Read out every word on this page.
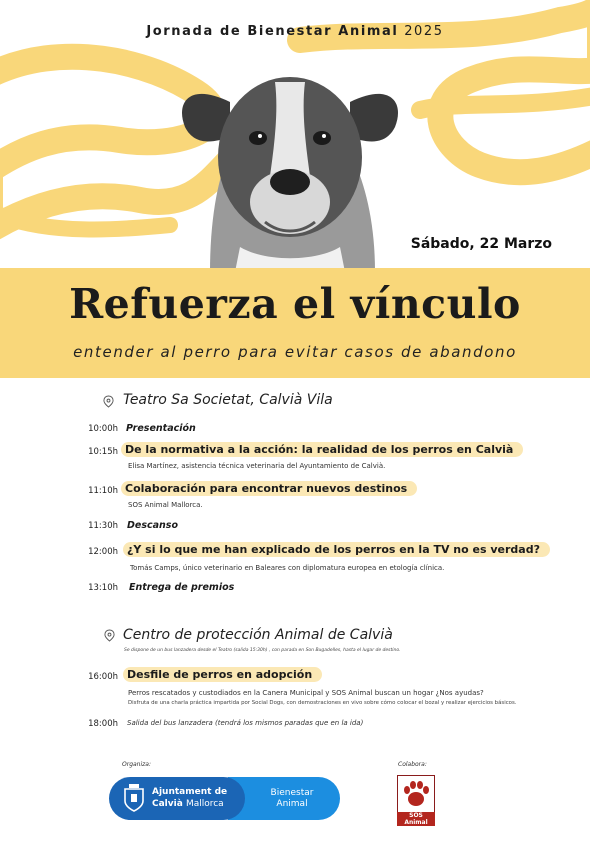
Jornada de Bienestar Animal 2025
Sábado, 22 Marzo
Refuerza el vínculo
entender al perro para evitar casos de abandono
Teatro Sa Societat, Calvià Vila
10:00h Presentación
10:15h De la normativa a la acción: la realidad de los perros en Calvià
Elisa Martínez, asistencia técnica veterinaria del Ayuntamiento de Calvià.
11:10h Colaboración para encontrar nuevos destinos
SOS Animal Mallorca.
11:30h Descanso
12:00h ¿Y si lo que me han explicado de los perros en la TV no es verdad?
Tomás Camps, único veterinario en Baleares con diplomatura europea en etología clínica.
13:10h Entrega de premios
Centro de protección Animal de Calvià
Se dispone de un bus lanzadera desde el Teatro (salida 15:30h) , con parada en Son Bugadelles, hasta el lugar de destino.
16:00h Desfile de perros en adopción
Perros rescatados y custodiados en la Canera Municipal y SOS Animal buscan un hogar ¿Nos ayudas?
Disfruta de una charla práctica impartida por Social Dogs, con demostraciones en vivo sobre cómo colocar el bozal y realizar ejercicios básicos.
18:00h Salida del bus lanzadera (tendrá los mismos paradas que en la ida)
Organiza:	Colabora:
Ajuntament de
Calvià Mallorca
Bienestar
Animal
SOS Animal
